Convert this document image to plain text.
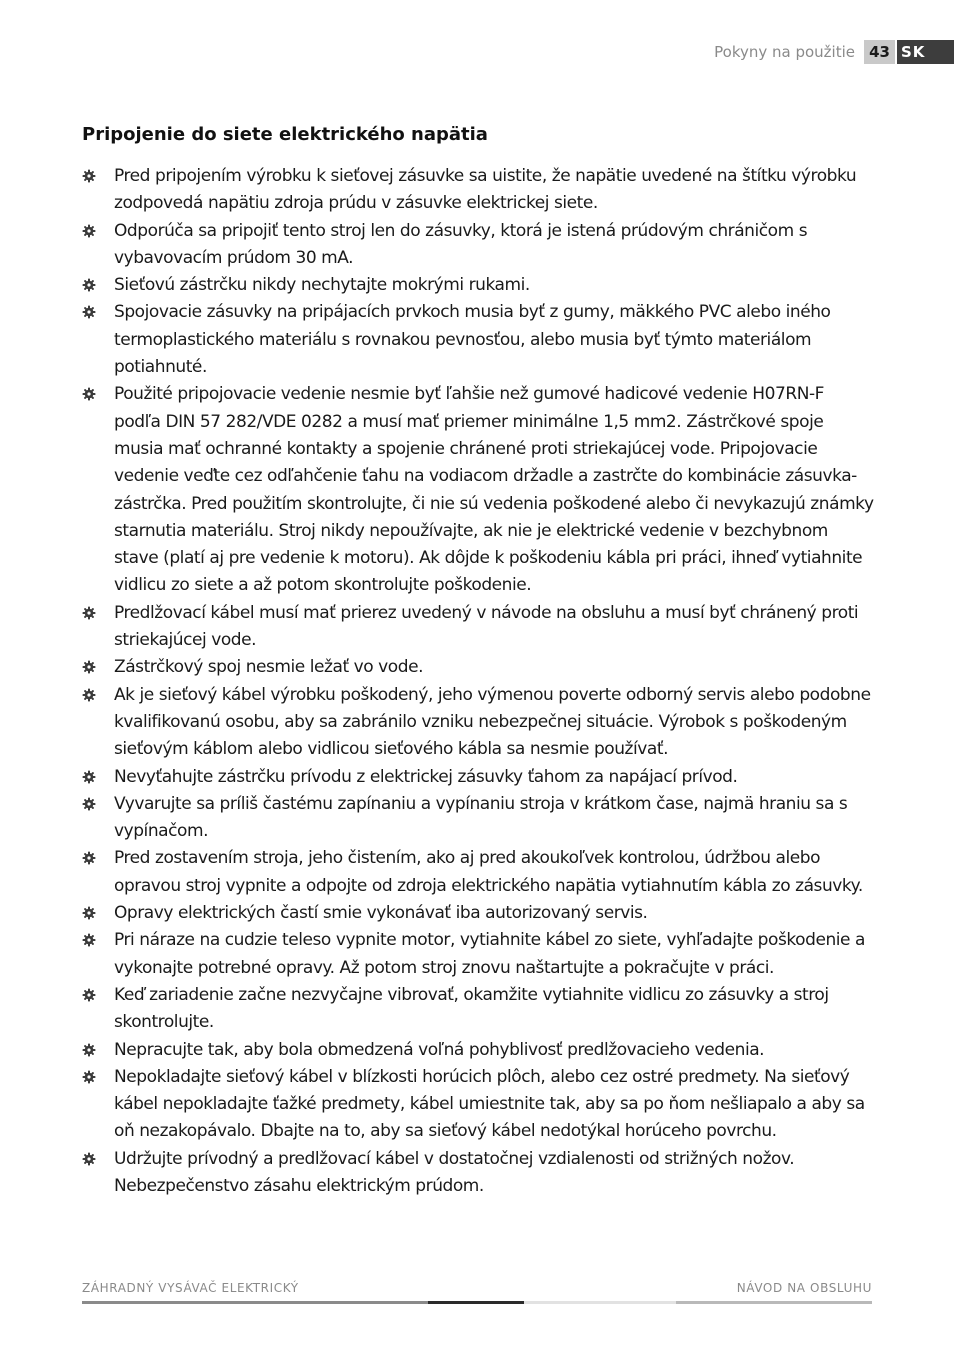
Pokyny na použitie 43 SK
Pripojenie do siete elektrického napätia
Pred pripojením výrobku k sieťovej zásuvke sa uistite, že napätie uvedené na štítku výrobku zodpovedá napätiu zdroja prúdu v zásuvke elektrickej siete.
Odporúča sa pripojiť tento stroj len do zásuvky, ktorá je istená prúdovým chráničom s vybavovacím prúdom 30 mA.
Sieťovú zástrčku nikdy nechytajte mokrými rukami.
Spojovacie zásuvky na pripájacích prvkoch musia byť z gumy, mäkkého PVC alebo iného termoplastického materiálu s rovnakou pevnosťou, alebo musia byť týmto materiálom potiahnuté.
Použité pripojovacie vedenie nesmie byť ľahšie než gumové hadicové vedenie H07RN-F podľa DIN 57 282/VDE 0282 a musí mať priemer minimálne 1,5 mm2. Zástrčkové spoje musia mať ochranné kontakty a spojenie chránené proti striekajúcej vode. Pripojovacie vedenie veďte cez odľahčenie ťahu na vodiacom držadle a zastrčte do kombinácie zásuvka-zástrčka. Pred použitím skontrolujte, či nie sú vedenia poškodené alebo či nevykazujú známky starnutia materiálu. Stroj nikdy nepoužívajte, ak nie je elektrické vedenie v bezchybnom stave (platí aj pre vedenie k motoru). Ak dôjde k poškodeniu kábla pri práci, ihneď vytiahnite vidlicu zo siete a až potom skontrolujte poškodenie.
Predlžovací kábel musí mať prierez uvedený v návode na obsluhu a musí byť chránený proti striekajúcej vode.
Zástrčkový spoj nesmie ležať vo vode.
Ak je sieťový kábel výrobku poškodený, jeho výmenou poverte odborný servis alebo podobne kvalifikovanú osobu, aby sa zabránilo vzniku nebezpečnej situácie. Výrobok s poškodeným sieťovým káblom alebo vidlicou sieťového kábla sa nesmie používať.
Nevyťahujte zástrčku prívodu z elektrickej zásuvky ťahom za napájací prívod.
Vyvarujte sa príliš častému zapínaniu a vypínaniu stroja v krátkom čase, najmä hraniu sa s vypínačom.
Pred zostavením stroja, jeho čistením, ako aj pred akoukoľvek kontrolou, údržbou alebo opravou stroj vypnite a odpojte od zdroja elektrického napätia vytiahnutím kábla zo zásuvky.
Opravy elektrických častí smie vykonávať iba autorizovaný servis.
Pri náraze na cudzie teleso vypnite motor, vytiahnite kábel zo siete, vyhľadajte poškodenie a vykonajte potrebné opravy. Až potom stroj znovu naštartujte a pokračujte v práci.
Keď zariadenie začne nezvyčajne vibrovať, okamžite vytiahnite vidlicu zo zásuvky a stroj skontrolujte.
Nepracujte tak, aby bola obmedzená voľná pohyblivosť predlžovacieho vedenia.
Nepokladajte sieťový kábel v blízkosti horúcich plôch, alebo cez ostré predmety. Na sieťový kábel nepokladajte ťažké predmety, kábel umiestnite tak, aby sa po ňom nešliapalo a aby sa oň nezakopávalo. Dbajte na to, aby sa sieťový kábel nedotýkal horúceho povrchu.
Udržujte prívodný a predlžovací kábel v dostatočnej vzdialenosti od strižných nožov. Nebezpečenstvo zásahu elektrickým prúdom.
ZÁHRADNÝ VYSÁVAČ ELEKTRICKÝ	NÁVOD NA OBSLUHU
